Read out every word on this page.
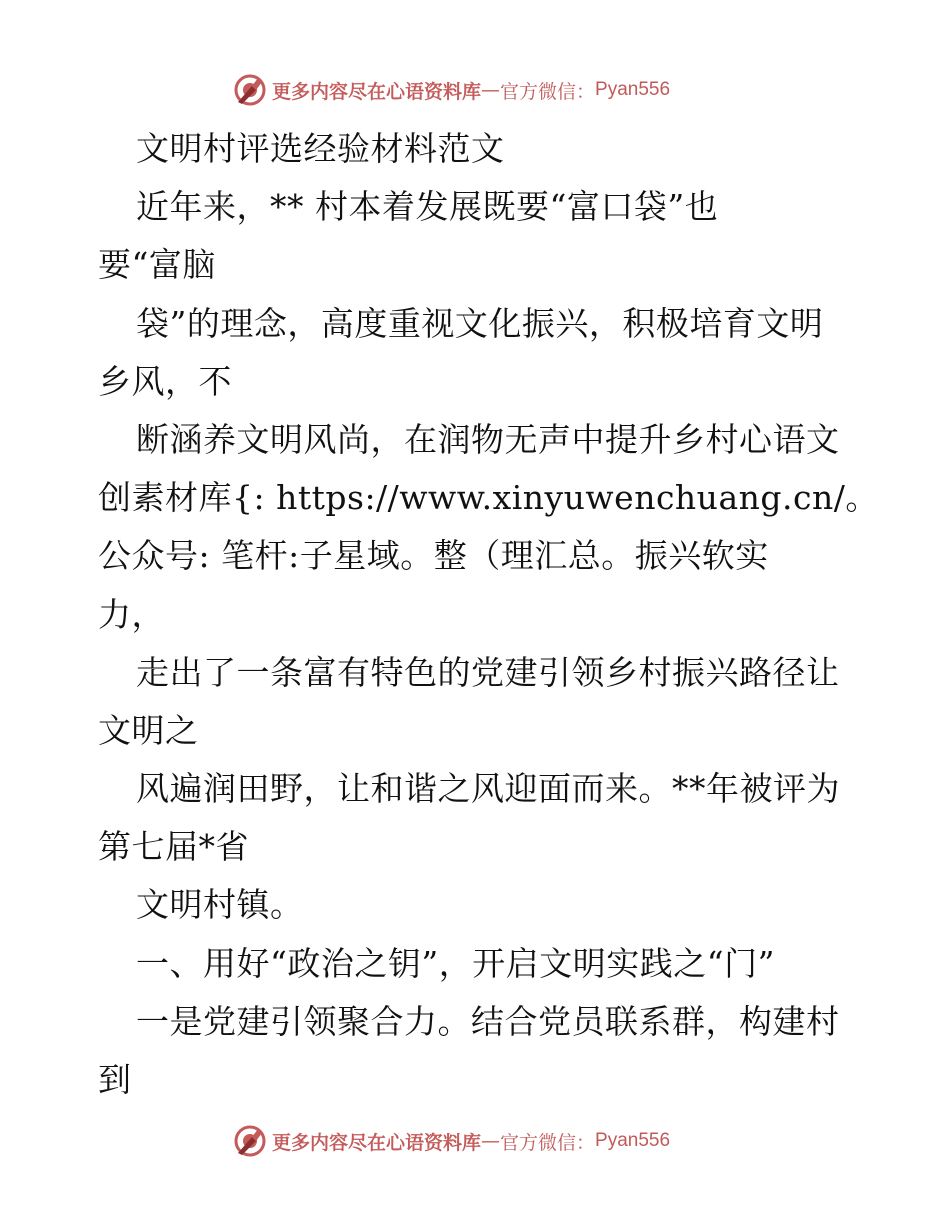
更多内容尽在心语资料库 — 官方微信： Pyan556
文明村评选经验材料范文
近年来，** 村本着发展既要“富口袋”也
要“富脑
袋”的理念，高度重视文化振兴，积极培育文明
乡风，不
断涵养文明风尚，在润物无声中提升乡村心语文
创素材库{: https://www.xinyuwenchuang.cn/。
公众号: 笔杆:子星域。整（理汇总。振兴软实
力，
走出了一条富有特色的党建引领乡村振兴路径让
文明之
风遍润田野，让和谐之风迎面而来。**年被评为
第七届*省
文明村镇。
一、用好“政治之钥”，开启文明实践之“门”
一是党建引领聚合力。结合党员联系群，构建村
到
更多内容尽在心语资料库 — 官方微信： Pyan556
